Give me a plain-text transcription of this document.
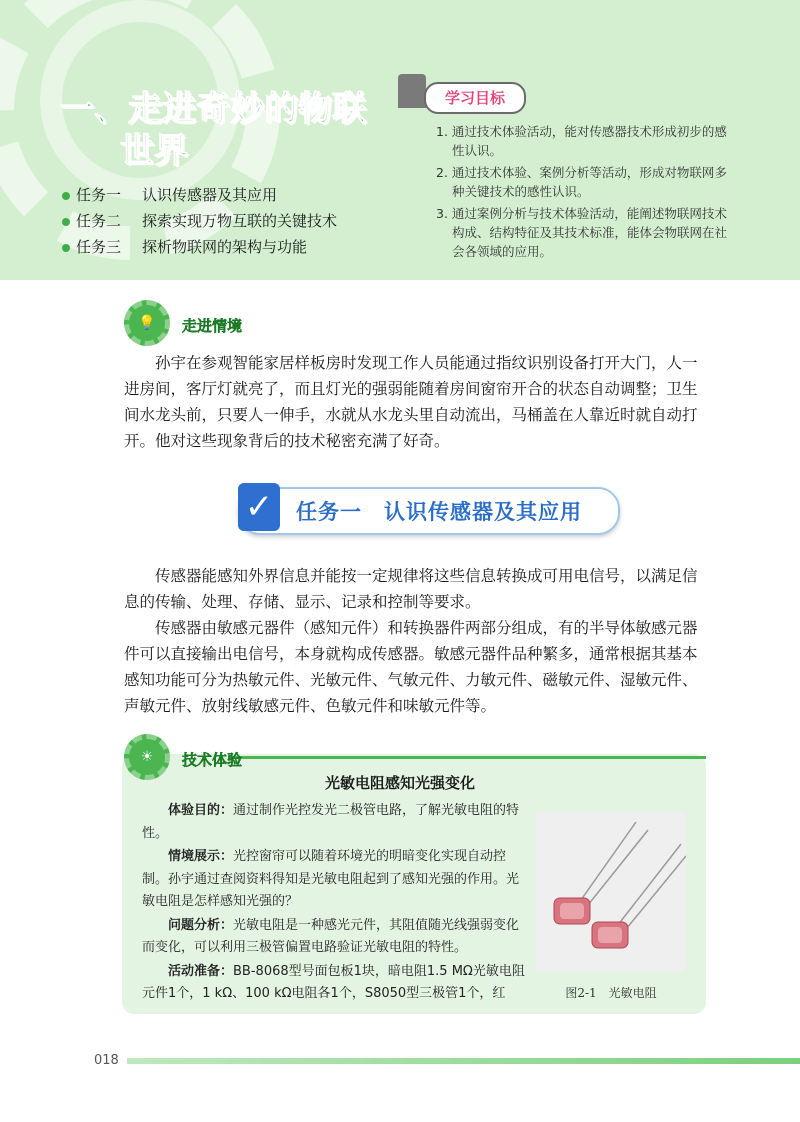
一、走进奇妙的物联
世界
任务一 认识传感器及其应用
任务二 探索实现万物互联的关键技术
任务三 探析物联网的架构与功能
学习目标
1. 通过技术体验活动，能对传感器技术形成初步的感性认识。
2. 通过技术体验、案例分析等活动，形成对物联网多种关键技术的感性认识。
3. 通过案例分析与技术体验活动，能阐述物联网技术构成、结构特征及其技术标准，能体会物联网在社会各领域的应用。
💡	走进情境
孙宇在参观智能家居样板房时发现工作人员能通过指纹识别设备打开大门，人一进房间，客厅灯就亮了，而且灯光的强弱能随着房间窗帘开合的状态自动调整；卫生间水龙头前，只要人一伸手，水就从水龙头里自动流出，马桶盖在人靠近时就自动打开。他对这些现象背后的技术秘密充满了好奇。
✓	任务一　认识传感器及其应用
传感器能感知外界信息并能按一定规律将这些信息转换成可用电信号，以满足信息的传输、处理、存储、显示、记录和控制等要求。
传感器由敏感元器件（感知元件）和转换器件两部分组成，有的半导体敏感元器件可以直接输出电信号，本身就构成传感器。敏感元器件品种繁多，通常根据其基本感知功能可分为热敏元件、光敏元件、气敏元件、力敏元件、磁敏元件、湿敏元件、声敏元件、放射线敏感元件、色敏元件和味敏元件等。
☀	技术体验
光敏电阻感知光强变化

体验目的：通过制作光控发光二极管电路，了解光敏电阻的特性。

情境展示：光控窗帘可以随着环境光的明暗变化实现自动控制。孙宇通过查阅资料得知是光敏电阻起到了感知光强的作用。光敏电阻是怎样感知光强的？

问题分析：光敏电阻是一种感光元件，其阻值随光线强弱变化而变化，可以利用三极管偏置电路验证光敏电阻的特性。

活动准备：BB-8068型号面包板1块，暗电阻1.5 MΩ光敏电阻元件1个，1 kΩ、100 kΩ电阻各1个，S8050型三极管1个，红	图2-1　光敏电阻
018
